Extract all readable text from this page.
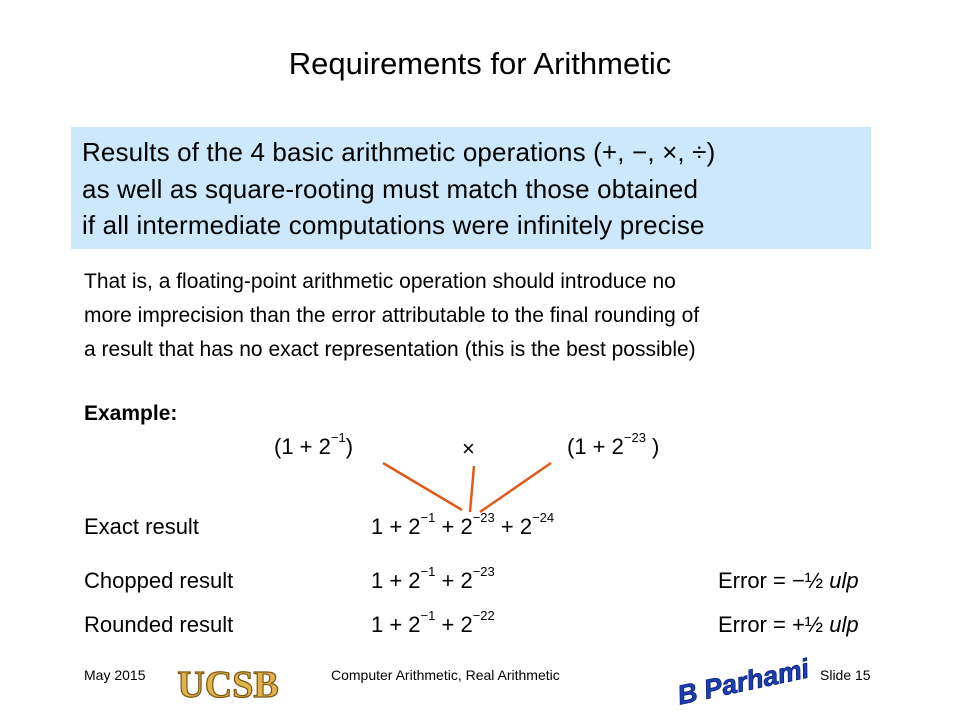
Requirements for Arithmetic
Results of the 4 basic arithmetic operations (+, −, ×, ÷)
as well as square-rooting must match those obtained
if all intermediate computations were infinitely precise
That is, a floating-point arithmetic operation should introduce no
more imprecision than the error attributable to the final rounding of
a result that has no exact representation (this is the best possible)
Example:
$(1 + 2^{-1})$	×	($1 + 2^{-23}$ )
Exact result	$1 + 2^{-1} + 2^{-23} + 2^{-24}$
Chopped result	$1 + 2^{-1} + 2^{-23}$	Error = −½ ulp
Rounded result	$1 + 2^{-1} + 2^{-22}$	Error = +½ ulp
May 2015 UCSB	Computer Arithmetic, Real Arithmetic	B Parhami Slide 15
